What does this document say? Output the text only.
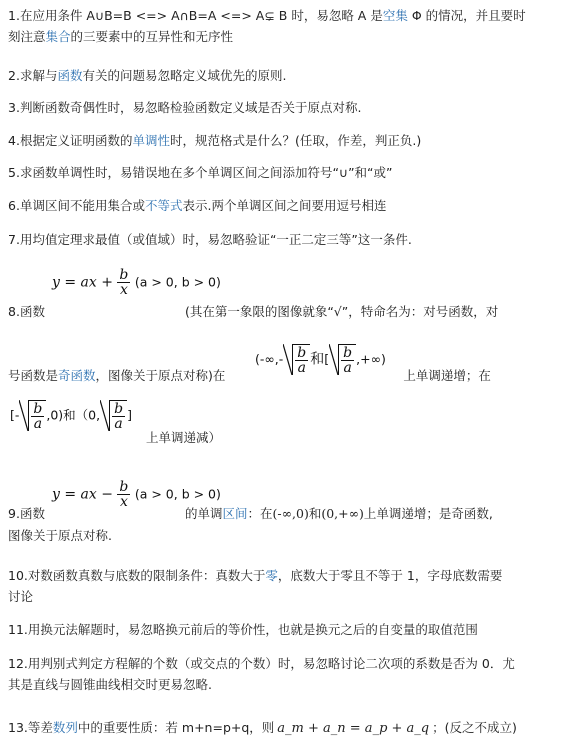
1.在应用条件 A∪B=B <=> A∩B=A <=> A⊊ B 时，易忽略 A 是空集 Φ 的情况，并且要时
刻注意集合的三要素中的互异性和无序性
2.求解与函数有关的问题易忽略定义域优先的原则.
3.判断函数奇偶性时，易忽略检验函数定义域是否关于原点对称.
4.根据定义证明函数的单调性时，规范格式是什么？(任取，作差，判正负.)
5.求函数单调性时，易错误地在多个单调区间之间添加符号“∪”和“或”
6.单调区间不能用集合或不等式表示.两个单调区间之间要用逗号相连
7.用均值定理求最值（或值域）时，易忽略验证“一正二定三等”这一条件.
y = ax + $\frac{b}{x} (a > 0$, b > 0)
8.函数	(其在第一象限的图像就象“√”，特命名为：对号函数，对
(-∞,- $\frac{b}{a}$ 和[ $\frac{b}{a}$ ,+∞)
号函数是奇函数，图像关于原点对称)在	上单调递增；在
[- $\frac{b}{a} ,0$)和（0, $\frac{b}{a}$ ]
上单调递减）
y = ax − $\frac{b}{x} (a > 0$, b > 0)
9.函数	的单调区间：在(-∞,0)和(0,+∞)上单调递增；是奇函数,
图像关于原点对称.
10.对数函数真数与底数的限制条件：真数大于零，底数大于零且不等于 1，字母底数需要
讨论
11.用换元法解题时，易忽略换元前后的等价性，也就是换元之后的自变量的取值范围
12.用判别式判定方程解的个数（或交点的个数）时，易忽略讨论二次项的系数是否为 0．尤
其是直线与圆锥曲线相交时更易忽略.
13.等差数列中的重要性质：若 m+n=p+q，则 a_m + a_n = a_p + a_q ；(反之不成立)
